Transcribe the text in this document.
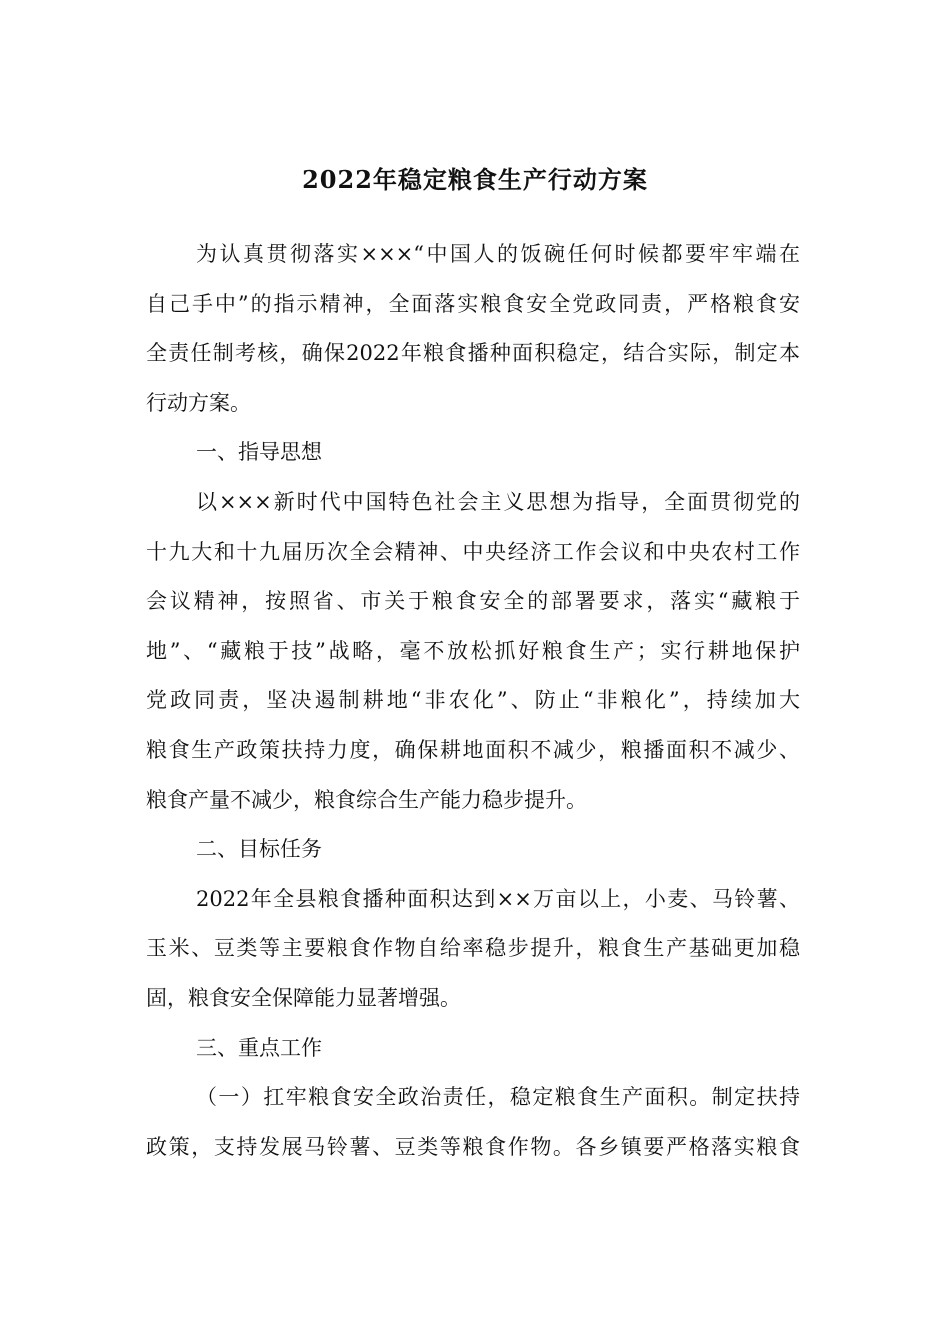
2022年稳定粮食生产行动方案
为认真贯彻落实×××“中国人的饭碗任何时候都要牢牢端在
自己手中”的指示精神，全面落实粮食安全党政同责，严格粮食安
全责任制考核，确保2022年粮食播种面积稳定，结合实际，制定本
行动方案。
一、指导思想
以×××新时代中国特色社会主义思想为指导，全面贯彻党的
十九大和十九届历次全会精神、中央经济工作会议和中央农村工作
会议精神，按照省、市关于粮食安全的部署要求，落实“藏粮于
地”、“藏粮于技”战略，毫不放松抓好粮食生产；实行耕地保护
党政同责，坚决遏制耕地“非农化”、防止“非粮化”，持续加大
粮食生产政策扶持力度，确保耕地面积不减少，粮播面积不减少、
粮食产量不减少，粮食综合生产能力稳步提升。
二、目标任务
2022年全县粮食播种面积达到××万亩以上，小麦、马铃薯、
玉米、豆类等主要粮食作物自给率稳步提升，粮食生产基础更加稳
固，粮食安全保障能力显著增强。
三、重点工作
（一）扛牢粮食安全政治责任，稳定粮食生产面积。制定扶持
政策，支持发展马铃薯、豆类等粮食作物。各乡镇要严格落实粮食
